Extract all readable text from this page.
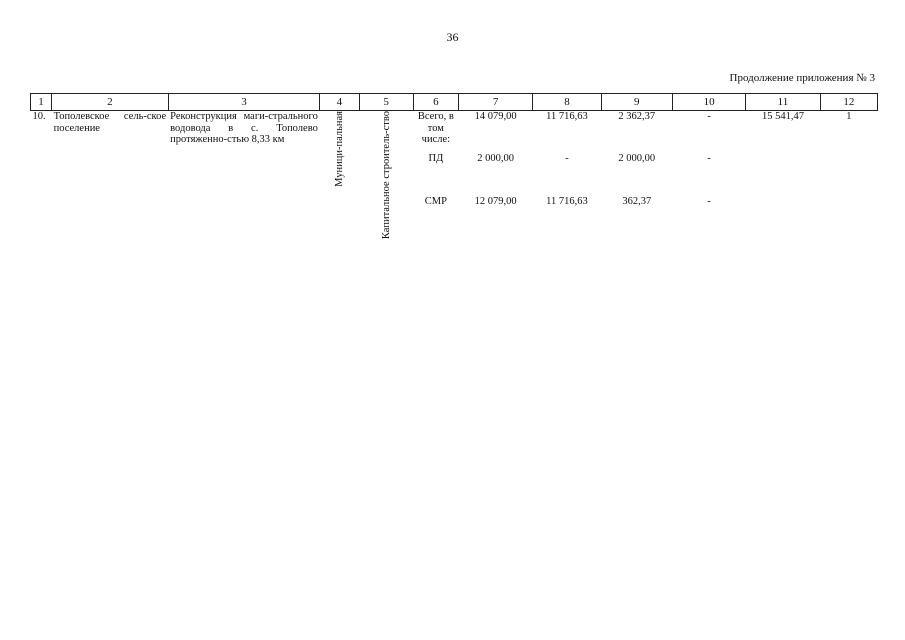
36
Продолжение приложения № 3
1	2	3	4	5	6	7	8	9	10	11	12
10.	Тополевское сель-ское поселение	Реконструкция маги-стрального водовода в с. Тополево протяженно-стью 8,33 км	Муници-пальная	Капитальное строитель-ство	Всего, в том числе:	14 079,00	11 716,63	2 362,37	-	15 541,47	1
					ПД	2 000,00	-	2 000,00	-		
					СМР	12 079,00	11 716,63	362,37	-		
